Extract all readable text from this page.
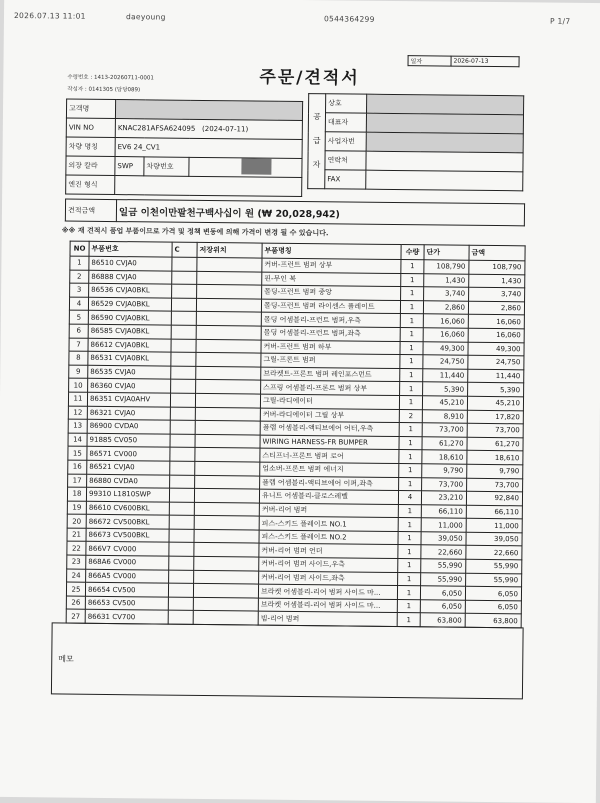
2026.07.13 11:01	daeyoung	0544364299	P 1/7
일자	2026-07-13
주문/견적서
수령번호 : 1413-20260711-0001
작성자 : 0141305 (담당089)
고객명			
VIN NO	KNAC281AFSA624095 (2024-07-11)		
차량 명칭	EV6 24_CV1		
외장 칼라	SWP	차량번호	
엔진 형식			
공
급
자	상호	
	대표자	
	사업자번	
	연락처	
	FAX	
견적금액	일금 이천이만팔천구백사십이 원 (₩ 20,028,942)
※※ 재 견적시 품업 부품이므로 가격 및 정책 변동에 의해 가격이 변경 될 수 있습니다.
NO	부품번호	C	저장위치	부품명칭	수량	단가	금액
1	86510 CVJA0			커버-프런트 범퍼 상부	1	108,790	108,790
2	86888 CVJA0			핀-무인 복	1	1,430	1,430
3	86536 CVJA0BKL			몰딩-프런트 범퍼 중앙	1	3,740	3,740
4	86529 CVJA0BKL			몰딩-프런트 범퍼 라이센스 플레이트	1	2,860	2,860
5	86590 CVJA0BKL			몰딩 어셈블리-프런트 범퍼,우측	1	16,060	16,060
6	86585 CVJA0BKL			몰딩 어셈블리-프런트 범퍼,좌측	1	16,060	16,060
7	86612 CVJA0BKL			커버-프런트 범퍼 하부	1	49,300	49,300
8	86531 CVJA0BKL			그릴-프론트 범퍼	1	24,750	24,750
9	86535 CVJA0			브라켓트-프론트 범퍼 레인포스먼트	1	11,440	11,440
10	86360 CVJA0			스프링 어셈블리-프론트 범퍼 상부	1	5,390	5,390
11	86351 CVJA0AHV			그릴-라디에이터	1	45,210	45,210
12	86321 CVJA0			커버-라디에이터 그릴 상부	2	8,910	17,820
13	86900 CVDA0			플랩 어셈블리-액티브에어 어터,우측	1	73,700	73,700
14	91885 CV050			WIRING HARNESS-FR BUMPER	1	61,270	61,270
15	86571 CV000			스티프너-프론트 범퍼 로어	1	18,610	18,610
16	86521 CVJA0			업소버-프론트 범퍼 에너지	1	9,790	9,790
17	86880 CVDA0			플랩 어셈블리-액티브에어 이퍼,좌측	1	73,700	73,700
18	99310 L1810SWP			유니트 어셈블리-클로스레벨	4	23,210	92,840
19	86610 CV600BKL			커버-리어 범퍼	1	66,110	66,110
20	86672 CV500BKL			피스-스키드 플레이트 NO.1	1	11,000	11,000
21	86673 CV500BKL			피스-스키드 플레이트 NO.2	1	39,050	39,050
22	866V7 CV000			커버-리어 범퍼 언더	1	22,660	22,660
23	868A6 CV000			커버-리어 범퍼 사이드,우측	1	55,990	55,990
24	866A5 CV000			커버-리어 범퍼 사이드,좌측	1	55,990	55,990
25	86654 CV500			브라켓 어셈블리-리어 범퍼 사이드 마...	1	6,050	6,050
26	86653 CV500			브라켓 어셈블리-리어 범퍼 사이드 마...	1	6,050	6,050
27	86631 CV700			빔-리어 범퍼	1	63,800	63,800
메모
